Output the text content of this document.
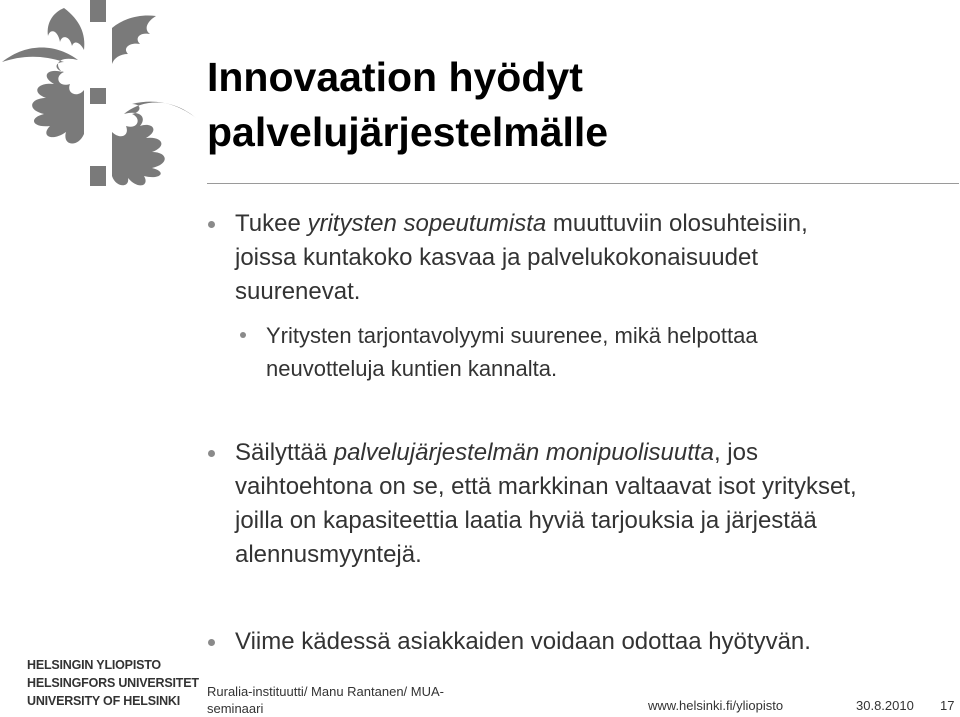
Innovaation hyödyt
palvelujärjestelmälle
Tukee yritysten sopeutumista muuttuviin olosuhteisiin,
joissa kuntakoko kasvaa ja palvelukokonaisuudet
suurenevat.
Yritysten tarjontavolyymi suurenee, mikä helpottaa
neuvotteluja kuntien kannalta.
Säilyttää palvelujärjestelmän monipuolisuutta, jos
vaihtoehtona on se, että markkinan valtaavat isot yritykset,
joilla on kapasiteettia laatia hyviä tarjouksia ja järjestää
alennusmyyntejä.
Viime kädessä asiakkaiden voidaan odottaa hyötyvän.
HELSINGIN YLIOPISTO
HELSINGFORS UNIVERSITET
UNIVERSITY OF HELSINKI
Ruralia-instituutti/ Manu Rantanen/ MUA-
seminaari	www.helsinki.fi/yliopisto	30.8.2010 17
